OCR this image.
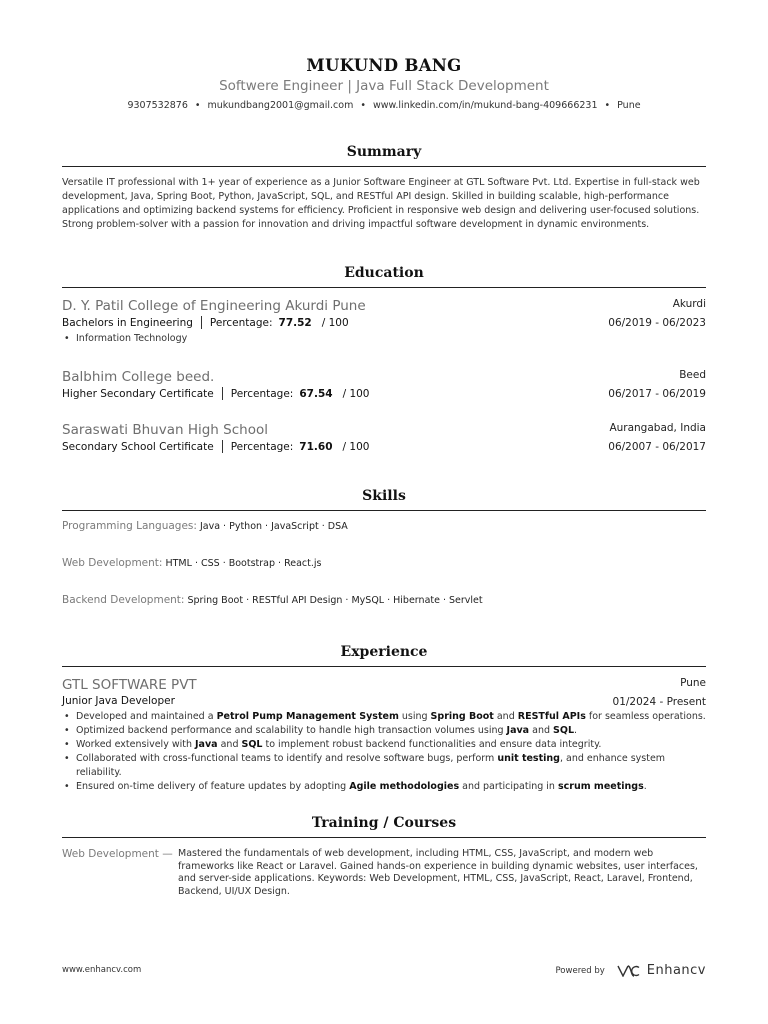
MUKUND BANG
Softwere Engineer | Java Full Stack Development
9307532876 • mukundbang2001@gmail.com • www.linkedin.com/in/mukund-bang-409666231 • Pune
Summary
Versatile IT professional with 1+ year of experience as a Junior Software Engineer at GTL Software Pvt. Ltd. Expertise in full-stack web development, Java, Spring Boot, Python, JavaScript, SQL, and RESTful API design. Skilled in building scalable, high-performance applications and optimizing backend systems for efficiency. Proficient in responsive web design and delivering user-focused solutions. Strong problem-solver with a passion for innovation and driving impactful software development in dynamic environments.
Education
D. Y. Patil College of Engineering Akurdi Pune
Bachelors in Engineering Percentage: 77.52 / 100
• Information Technology
Akurdi
06/2019 - 06/2023
Balbhim College beed.
Higher Secondary Certificate Percentage: 67.54 / 100
Beed
06/2017 - 06/2019
Saraswati Bhuvan High School
Secondary School Certificate Percentage: 71.60 / 100
Aurangabad, India
06/2007 - 06/2017
Skills
Programming Languages: Java · Python · JavaScript · DSA
Web Development: HTML · CSS · Bootstrap · React.js
Backend Development: Spring Boot · RESTful API Design · MySQL · Hibernate · Servlet
Experience
GTL SOFTWARE PVT
Junior Java Developer
Pune
01/2024 - Present
• Developed and maintained a Petrol Pump Management System using Spring Boot and RESTful APIs for seamless operations.
• Optimized backend performance and scalability to handle high transaction volumes using Java and SQL.
• Worked extensively with Java and SQL to implement robust backend functionalities and ensure data integrity.
• Collaborated with cross-functional teams to identify and resolve software bugs, perform unit testing, and enhance system reliability.
• Ensured on-time delivery of feature updates by adopting Agile methodologies and participating in scrum meetings.
Training / Courses
Web Development — Mastered the fundamentals of web development, including HTML, CSS, JavaScript, and modern web frameworks like React or Laravel. Gained hands-on experience in building dynamic websites, user interfaces, and server-side applications. Keywords: Web Development, HTML, CSS, JavaScript, React, Laravel, Frontend, Backend, UI/UX Design.
www.enhancv.com	Powered by	Enhancv
